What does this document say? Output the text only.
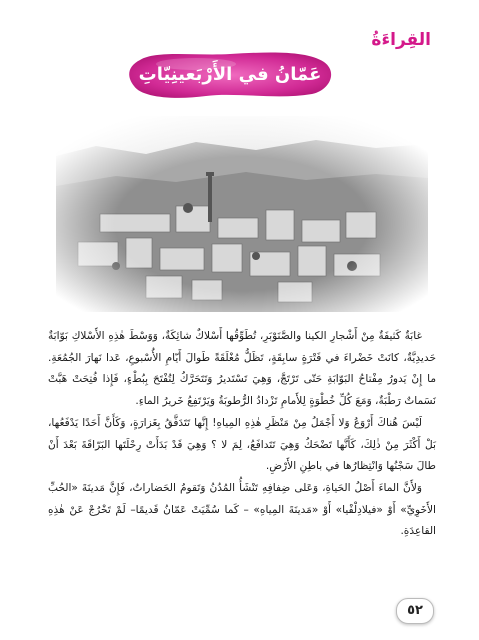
القِراءَةُ
عَمّانُ في الأَرْبَعينِيّاتِ

غابَةٌ كَثيفَةٌ مِنْ أَشْجارِ الكينا والصَّنَوْبَرِ، تُطَوِّقُها أَسْلاكٌ شائِكَةٌ، وَوَسْطَ هٰذِهِ الأَسْلاكِ بَوّابَةٌ حَديدِيَّةٌ، كانَتْ خَضْراءَ في فَتْرَةٍ سابِقَةٍ، تَظَلُّ مُغْلَقَةً طَوالَ أَيّامِ الأُسْبوعِ، عَدا نَهارَ الجُمُعَةِ. ما إِنْ يَدورُ مِفْتاحُ البَوّابَةِ حَتّى تَرْتَجَّ، وَهِيَ تَسْتَديرُ وَتَتَحَرَّكُ لِتُفْتَحَ بِبُطْءٍ، فَإِذا فُتِحَتْ هَبَّتْ نَسَماتٌ رَطْبَةٌ، وَمَعَ كُلِّ خُطْوَةٍ لِلأَمامِ تَزْدادُ الرُّطوبَةُ وَيَرْتَفِعُ خَريرُ الماءِ.

لَيْسَ هُناكَ أَرْوَعُ وَلا أَجْمَلُ مِنْ مَنْظَرِ هٰذِهِ المِياهِ! إِنَّها تَتَدَفَّقُ بِغَزارَةٍ، وَكَأَنَّ أَحَدًا يَدْفَعُها، بَلْ أَكْثَرَ مِنْ ذٰلِكَ، كَأَنَّها تَضْحَكُ وَهِيَ تَتَدافَعُ، لِمَ لا ؟ وَهِيَ قَدْ بَدَأَتْ رِحْلَتَها البَرّاقَةَ بَعْدَ أَنْ طالَ سَجْنُها وَانْتِظارُها في باطِنِ الأَرْضِ.

وَلأَنَّ الماءَ أَصْلُ الحَياةِ، وَعَلى ضِفافِهِ تَنْشَأُ المُدُنُ وَتَقومُ الحَضاراتُ، فَإِنَّ مَدينَةَ «الحُبِّ الأَخَوِيِّ» أَوْ «فيلادِلْفْيا» أَوْ «مَدينَةَ المِياهِ» – كَما سُمِّيَتْ عَمّانُ قَديمًا– لَمْ تَخْرُجْ عَنْ هٰذِهِ القاعِدَةِ.

٥٢
